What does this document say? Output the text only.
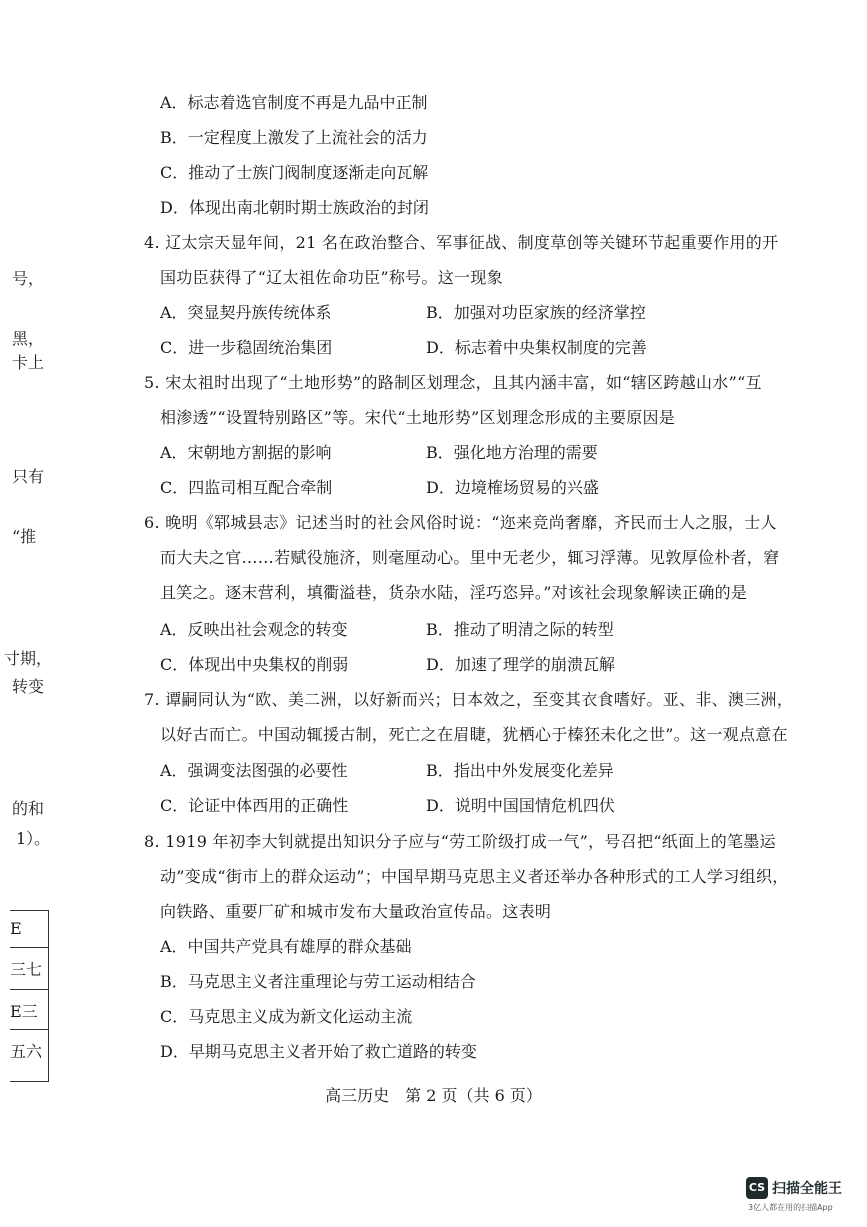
号，
黑，
卡上
只有
“推
寸期，
转变
的和
1）。
E
三七
E三
五六
A．标志着选官制度不再是九品中正制
B．一定程度上激发了上流社会的活力
C．推动了士族门阀制度逐渐走向瓦解
D．体现出南北朝时期士族政治的封闭
4. 辽太宗天显年间，21 名在政治整合、军事征战、制度草创等关键环节起重要作用的开
国功臣获得了“辽太祖佐命功臣”称号。这一现象
A．突显契丹族传统体系	B．加强对功臣家族的经济掌控
C．进一步稳固统治集团	D．标志着中央集权制度的完善
5. 宋太祖时出现了“土地形势”的路制区划理念，且其内涵丰富，如“辖区跨越山水”“互
相渗透”“设置特别路区”等。宋代“土地形势”区划理念形成的主要原因是
A．宋朝地方割据的影响	B．强化地方治理的需要
C．四监司相互配合牵制	D．边境榷场贸易的兴盛
6. 晚明《郓城县志》记述当时的社会风俗时说：“迩来竞尚奢靡，齐民而士人之服，士人
而大夫之官……若赋役施济，则毫厘动心。里中无老少，辄习浮薄。见敦厚俭朴者，窘
且笑之。逐末营利，填衢溢巷，货杂水陆，淫巧恣异。”对该社会现象解读正确的是
A．反映出社会观念的转变	B．推动了明清之际的转型
C．体现出中央集权的削弱	D．加速了理学的崩溃瓦解
7. 谭嗣同认为“欧、美二洲，以好新而兴；日本效之，至变其衣食嗜好。亚、非、澳三洲，
以好古而亡。中国动辄援古制，死亡之在眉睫，犹栖心于榛狉未化之世”。这一观点意在
A．强调变法图强的必要性	B．指出中外发展变化差异
C．论证中体西用的正确性	D．说明中国国情危机四伏
8. 1919 年初李大钊就提出知识分子应与“劳工阶级打成一气”，号召把“纸面上的笔墨运
动”变成“街市上的群众运动”；中国早期马克思主义者还举办各种形式的工人学习组织，
向铁路、重要厂矿和城市发布大量政治宣传品。这表明
A．中国共产党具有雄厚的群众基础
B．马克思主义者注重理论与劳工运动相结合
C．马克思主义成为新文化运动主流
D．早期马克思主义者开始了救亡道路的转变
高三历史　第 2 页（共 6 页）
CS 扫描全能王
3亿人都在用的扫描App
